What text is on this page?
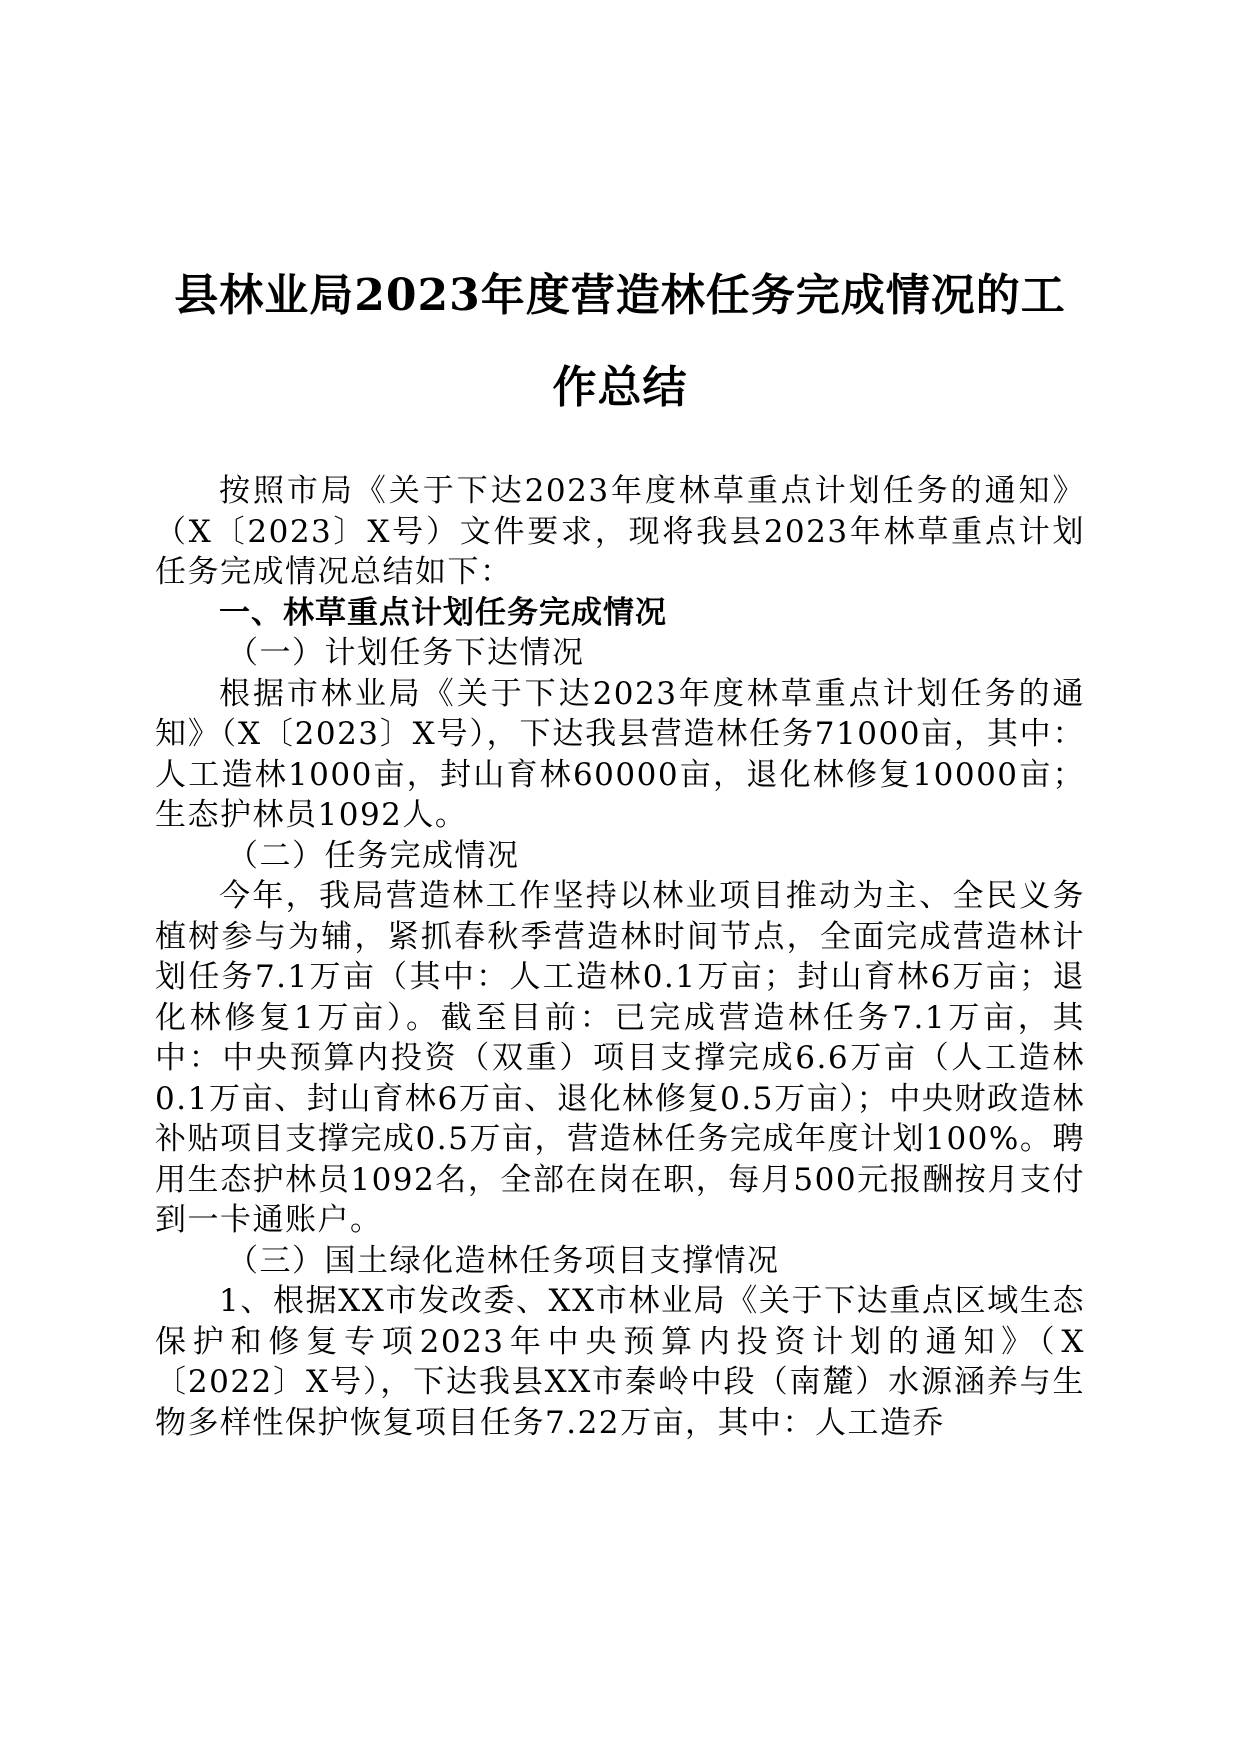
县林业局2023年度营造林任务完成情况的工
作总结

按照市局《关于下达2023年度林草重点计划任务的通知》（X〔2023〕X号）文件要求，现将我县2023年林草重点计划任务完成情况总结如下：

一、林草重点计划任务完成情况

（一）计划任务下达情况

根据市林业局《关于下达2023年度林草重点计划任务的通知》（X〔2023〕X号），下达我县营造林任务71000亩，其中：人工造林1000亩，封山育林60000亩，退化林修复10000亩；生态护林员1092人。

（二）任务完成情况

今年，我局营造林工作坚持以林业项目推动为主、全民义务植树参与为辅，紧抓春秋季营造林时间节点，全面完成营造林计划任务7.1万亩（其中：人工造林0.1万亩；封山育林6万亩；退化林修复1万亩）。截至目前：已完成营造林任务7.1万亩，其中：中央预算内投资（双重）项目支撑完成6.6万亩（人工造林0.1万亩、封山育林6万亩、退化林修复0.5万亩）；中央财政造林补贴项目支撑完成0.5万亩，营造林任务完成年度计划100%。聘用生态护林员1092名，全部在岗在职，每月500元报酬按月支付到一卡通账户。

（三）国土绿化造林任务项目支撑情况

1、根据XX市发改委、XX市林业局《关于下达重点区域生态保护和修复专项2023年中央预算内投资计划的通知》（X〔2022〕X号），下达我县XX市秦岭中段（南麓）水源涵养与生物多样性保护恢复项目任务7.22万亩，其中：人工造乔
